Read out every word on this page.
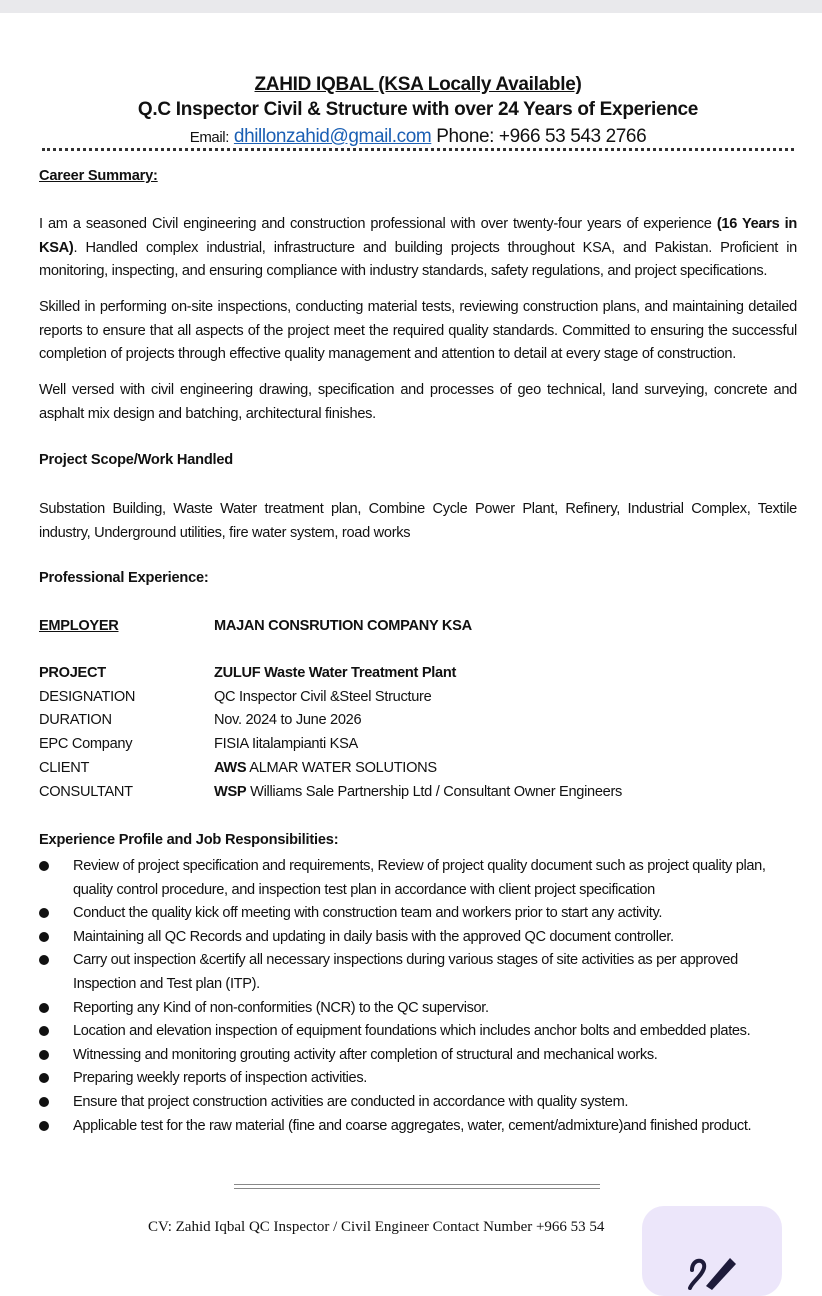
ZAHID IQBAL (KSA Locally Available)
Q.C Inspector Civil & Structure with over 24 Years of Experience
Email: dhillonzahid@gmail.com Phone: +966 53 543 2766
Career Summary:
I am a seasoned Civil engineering and construction professional with over twenty-four years of experience (16 Years in KSA). Handled complex industrial, infrastructure and building projects throughout KSA, and Pakistan. Proficient in monitoring, inspecting, and ensuring compliance with industry standards, safety regulations, and project specifications.
Skilled in performing on-site inspections, conducting material tests, reviewing construction plans, and maintaining detailed reports to ensure that all aspects of the project meet the required quality standards. Committed to ensuring the successful completion of projects through effective quality management and attention to detail at every stage of construction.
Well versed with civil engineering drawing, specification and processes of geo technical, land surveying, concrete and asphalt mix design and batching, architectural finishes.
Project Scope/Work Handled
Substation Building, Waste Water treatment plan, Combine Cycle Power Plant, Refinery, Industrial Complex, Textile industry, Underground utilities, fire water system, road works
Professional Experience:
EMPLOYER	MAJAN CONSRUTION COMPANY KSA
PROJECT	ZULUF Waste Water Treatment Plant
DESIGNATION	QC Inspector Civil &Steel Structure
DURATION	Nov. 2024 to June 2026
EPC Company	FISIA Iitalampianti KSA
CLIENT	AWS ALMAR WATER SOLUTIONS
CONSULTANT	WSP Williams Sale Partnership Ltd / Consultant Owner Engineers
Experience Profile and Job Responsibilities:
Review of project specification and requirements, Review of project quality document such as project quality plan, quality control procedure, and inspection test plan in accordance with client project specification
Conduct the quality kick off meeting with construction team and workers prior to start any activity.
Maintaining all QC Records and updating in daily basis with the approved QC document controller.
Carry out inspection &certify all necessary inspections during various stages of site activities as per approved Inspection and Test plan (ITP).
Reporting any Kind of non-conformities (NCR) to the QC supervisor.
Location and elevation inspection of equipment foundations which includes anchor bolts and embedded plates.
Witnessing and monitoring grouting activity after completion of structural and mechanical works.
Preparing weekly reports of inspection activities.
Ensure that project construction activities are conducted in accordance with quality system.
Applicable test for the raw material (fine and coarse aggregates, water, cement/admixture)and finished product.
CV: Zahid Iqbal QC Inspector / Civil Engineer Contact Number +966 53 54
